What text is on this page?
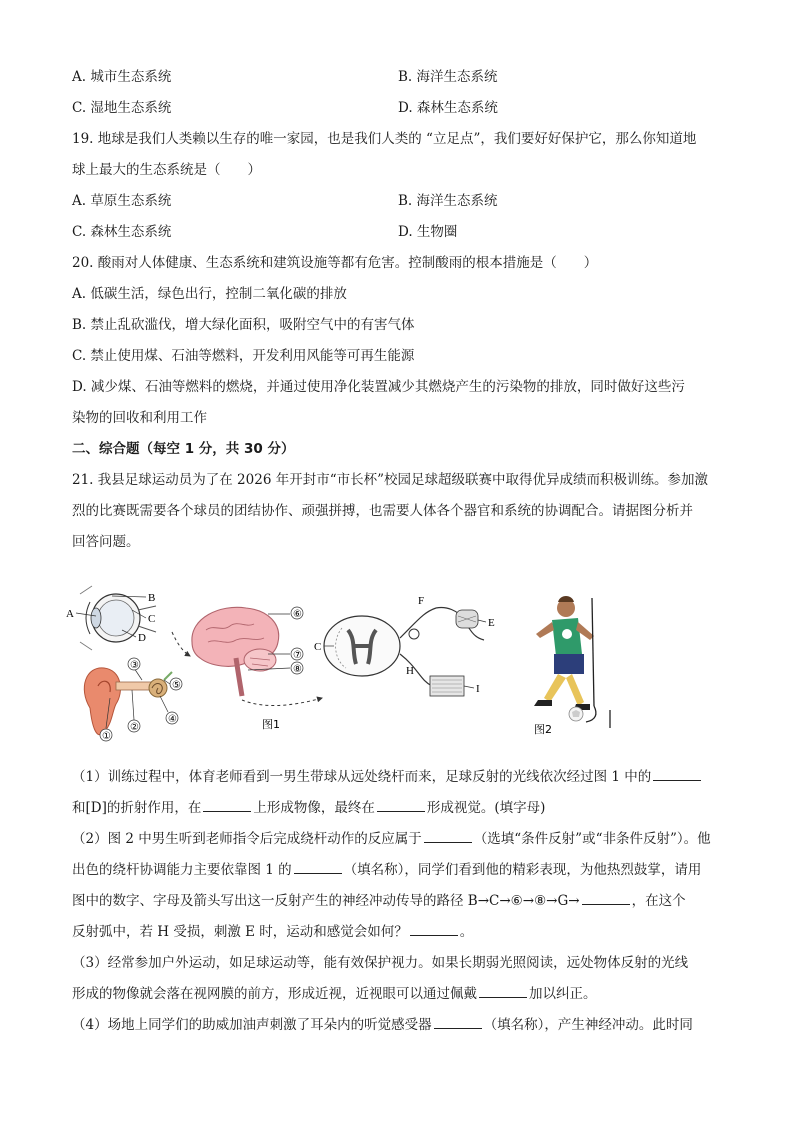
A. 城市生态系统	B. 海洋生态系统
C. 湿地生态系统	D. 森林生态系统
19. 地球是我们人类赖以生存的唯一家园，也是我们人类的 “立足点”，我们要好好保护它，那么你知道地
球上最大的生态系统是（　　）
A. 草原生态系统	B. 海洋生态系统
C. 森林生态系统	D. 生物圈
20. 酸雨对人体健康、生态系统和建筑设施等都有危害。控制酸雨的根本措施是（　　）
A. 低碳生活，绿色出行，控制二氧化碳的排放
B. 禁止乱砍滥伐，增大绿化面积，吸附空气中的有害气体
C. 禁止使用煤、石油等燃料，开发利用风能等可再生能源
D. 减少煤、石油等燃料的燃烧，并通过使用净化装置减少其燃烧产生的污染物的排放，同时做好这些污
染物的回收和利用工作
二、综合题（每空 1 分，共 30 分）
21. 我县足球运动员为了在 2026 年开封市“市长杯”校园足球超级联赛中取得优异成绩而积极训练。参加激
烈的比赛既需要各个球员的团结协作、顽强拼搏，也需要人体各个器官和系统的协调配合。请据图分析并
回答问题。
A
B
C
D
①
②
③
④
⑤
⑥
⑦
⑧
C
F
E
H
I
图1	图2
（1）训练过程中，体育老师看到一男生带球从远处绕杆而来，足球反射的光线依次经过图 1 中的
和[D]的折射作用，在	上形成物像，最终在	形成视觉。(填字母)
（2）图 2 中男生听到老师指令后完成绕杆动作的反应属于	（选填“条件反射”或“非条件反射”）。他
出色的绕杆协调能力主要依靠图 1 的	（填名称），同学们看到他的精彩表现，为他热烈鼓掌，请用
图中的数字、字母及箭头写出这一反射产生的神经冲动传导的路径 B→C→⑥→⑧→G→	，在这个
反射弧中，若 H 受损，刺激 E 时，运动和感觉会如何？	。
（3）经常参加户外运动，如足球运动等，能有效保护视力。如果长期弱光照阅读，远处物体反射的光线
形成的物像就会落在视网膜的前方，形成近视，近视眼可以通过佩戴	加以纠正。
（4）场地上同学们的助威加油声刺激了耳朵内的听觉感受器	（填名称），产生神经冲动。此时同
